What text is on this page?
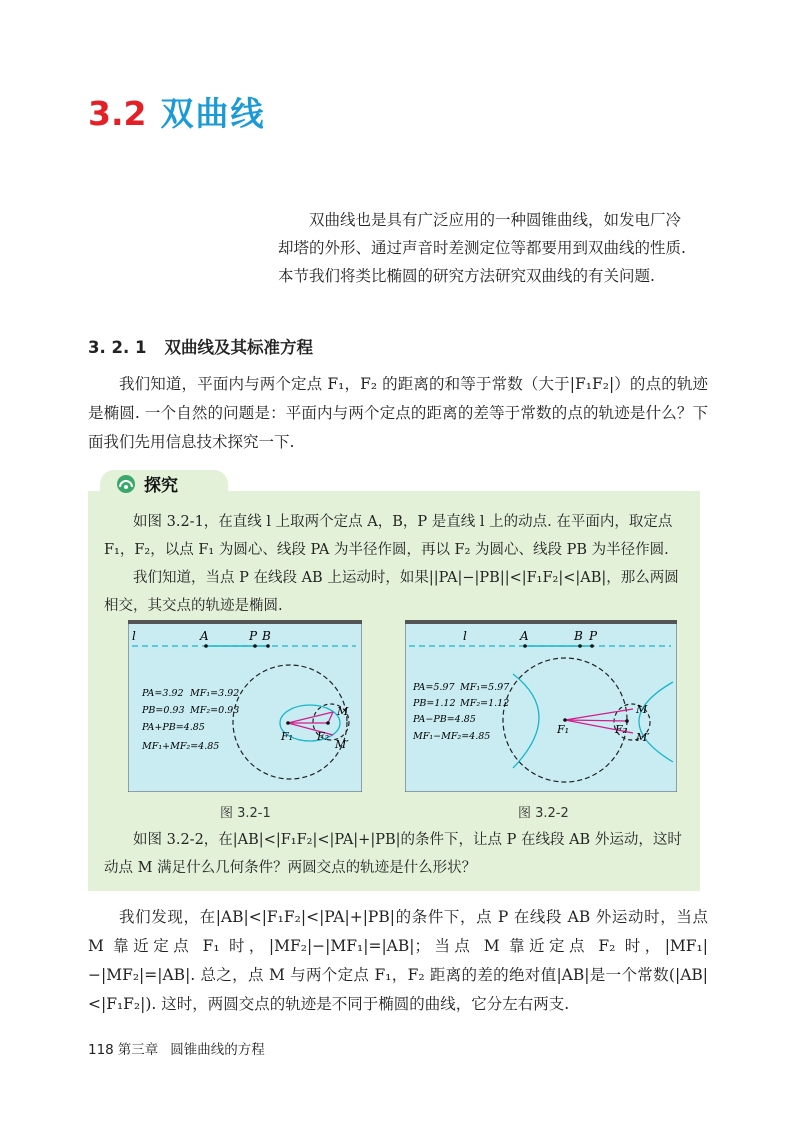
3.2 双曲线

双曲线也是具有广泛应用的一种圆锥曲线，如发电厂冷

却塔的外形、通过声音时差测定位等都要用到双曲线的性质.

本节我们将类比椭圆的研究方法研究双曲线的有关问题.

3. 2. 1 双曲线及其标准方程

我们知道，平面内与两个定点 F₁，F₂ 的距离的和等于常数（大于|F₁F₂|）的点的轨迹是椭圆. 一个自然的问题是：平面内与两个定点的距离的差等于常数的点的轨迹是什么？下面我们先用信息技术探究一下.

探究

如图 3.2-1，在直线 l 上取两个定点 A，B，P 是直线 l 上的动点. 在平面内，取定点 F₁，F₂，以点 F₁ 为圆心、线段 PA 为半径作圆，再以 F₂ 为圆心、线段 PB 为半径作圆.

我们知道，当点 P 在线段 AB 上运动时，如果||PA|−|PB||<|F₁F₂|<|AB|，那么两圆相交，其交点的轨迹是椭圆.

l	A	P B
M
M′
F₁ F₂
PA=3.92 MF₁=3.92
PB=0.93 MF₂=0.93
PA+PB=4.85
MF₁+MF₂=4.85
图 3.2-1
l	A	B P
M
M′
F₁	F₂
PA=5.97 MF₁=5.97
PB=1.12 MF₂=1.12
PA−PB=4.85
MF₁−MF₂=4.85
图 3.2-2

如图 3.2-2，在|AB|<|F₁F₂|<|PA|+|PB|的条件下，让点 P 在线段 AB 外运动，这时动点 M 满足什么几何条件？两圆交点的轨迹是什么形状？

我们发现，在|AB|<|F₁F₂|<|PA|+|PB|的条件下，点 P 在线段 AB 外运动时，当点 M 靠近定点 F₁ 时，|MF₂|−|MF₁|=|AB|；当点 M 靠近定点 F₂ 时，|MF₁|−|MF₂|=|AB|. 总之，点 M 与两个定点 F₁，F₂ 距离的差的绝对值|AB|是一个常数(|AB|<|F₁F₂|). 这时，两圆交点的轨迹是不同于椭圆的曲线，它分左右两支.

118 第三章 圆锥曲线的方程
